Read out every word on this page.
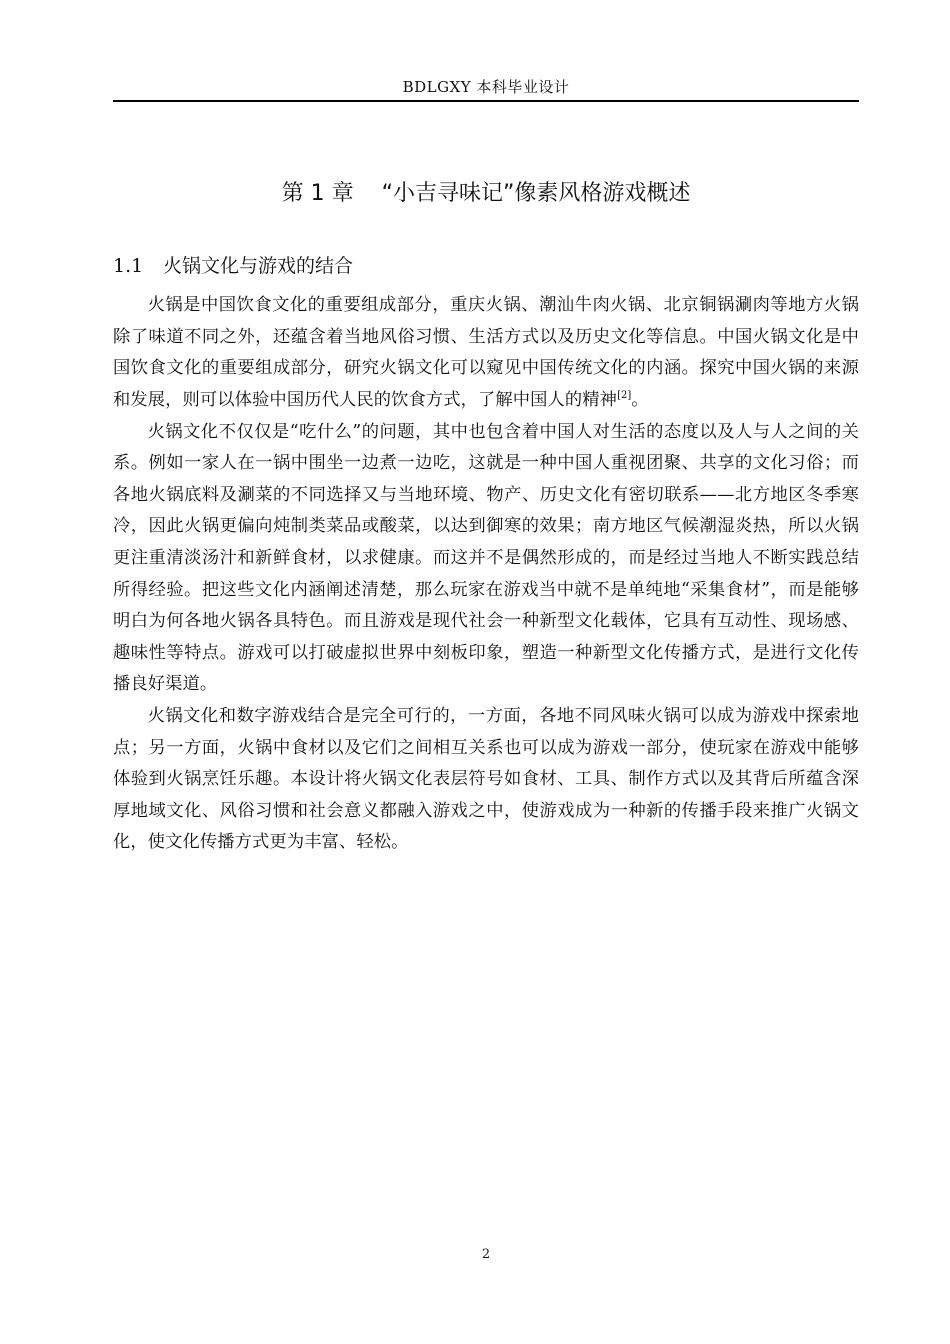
BDLGXY 本科毕业设计
第 1 章 “小吉寻味记”像素风格游戏概述
1.1 火锅文化与游戏的结合

火锅是中国饮食文化的重要组成部分，重庆火锅、潮汕牛肉火锅、北京铜锅涮肉等地方火锅除了味道不同之外，还蕴含着当地风俗习惯、生活方式以及历史文化等信息。中国火锅文化是中国饮食文化的重要组成部分，研究火锅文化可以窥见中国传统文化的内涵。探究中国火锅的来源和发展，则可以体验中国历代人民的饮食方式，了解中国人的精神[2]。

火锅文化不仅仅是“吃什么”的问题，其中也包含着中国人对生活的态度以及人与人之间的关系。例如一家人在一锅中围坐一边煮一边吃，这就是一种中国人重视团聚、共享的文化习俗；而各地火锅底料及涮菜的不同选择又与当地环境、物产、历史文化有密切联系——北方地区冬季寒冷，因此火锅更偏向炖制类菜品或酸菜，以达到御寒的效果；南方地区气候潮湿炎热，所以火锅更注重清淡汤汁和新鲜食材，以求健康。而这并不是偶然形成的，而是经过当地人不断实践总结所得经验。把这些文化内涵阐述清楚，那么玩家在游戏当中就不是单纯地“采集食材”，而是能够明白为何各地火锅各具特色。而且游戏是现代社会一种新型文化载体，它具有互动性、现场感、趣味性等特点。游戏可以打破虚拟世界中刻板印象，塑造一种新型文化传播方式，是进行文化传播良好渠道。

火锅文化和数字游戏结合是完全可行的，一方面，各地不同风味火锅可以成为游戏中探索地点；另一方面，火锅中食材以及它们之间相互关系也可以成为游戏一部分，使玩家在游戏中能够体验到火锅烹饪乐趣。本设计将火锅文化表层符号如食材、工具、制作方式以及其背后所蕴含深厚地域文化、风俗习惯和社会意义都融入游戏之中，使游戏成为一种新的传播手段来推广火锅文化，使文化传播方式更为丰富、轻松。

2
